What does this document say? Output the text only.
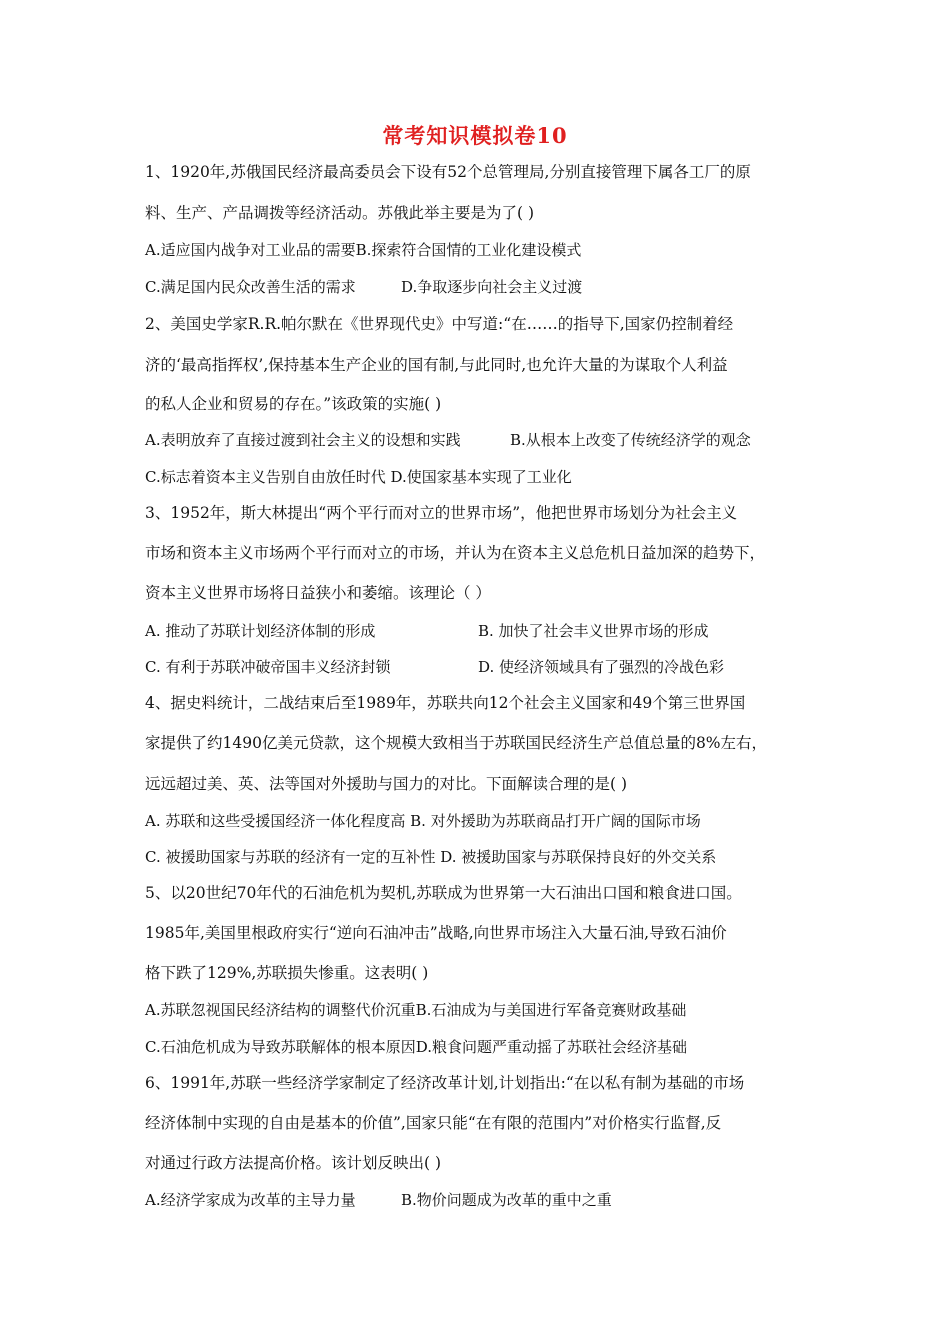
常考知识模拟卷10
1、1920年,苏俄国民经济最高委员会下设有52个总管理局,分别直接管理下属各工厂的原
料、生产、产品调拨等经济活动。苏俄此举主要是为了( )
A.适应国内战争对工业品的需要B.探索符合国情的工业化建设模式
C.满足国内民众改善生活的需求	D.争取逐步向社会主义过渡
2、美国史学家R.R.帕尔默在《世界现代史》中写道:“在……的指导下,国家仍控制着经
济的‘最高指挥权’,保持基本生产企业的国有制,与此同时,也允许大量的为谋取个人利益
的私人企业和贸易的存在。”该政策的实施( )
A.表明放弃了直接过渡到社会主义的设想和实践	B.从根本上改变了传统经济学的观念
C.标志着资本主义告别自由放任时代 D.使国家基本实现了工业化
3、1952年，斯大林提出“两个平行而对立的世界市场”，他把世界市场划分为社会主义
市场和资本主义市场两个平行而对立的市场，并认为在资本主义总危机日益加深的趋势下，
资本主义世界市场将日益狭小和萎缩。该理论（ ）
A. 推动了苏联计划经济体制的形成	B. 加快了社会丰义世界市场的形成
C. 有利于苏联冲破帝国丰义经济封锁	D. 使经济领域具有了强烈的冷战色彩
4、据史料统计，二战结束后至1989年，苏联共向12个社会主义国家和49个第三世界国
家提供了约1490亿美元贷款，这个规模大致相当于苏联国民经济生产总值总量的8%左右，
远远超过美、英、法等国对外援助与国力的对比。下面解读合理的是( )
A. 苏联和这些受援国经济一体化程度高 B. 对外援助为苏联商品打开广阔的国际市场
C. 被援助国家与苏联的经济有一定的互补性 D. 被援助国家与苏联保持良好的外交关系
5、以20世纪70年代的石油危机为契机,苏联成为世界第一大石油出口国和粮食进口国。
1985年,美国里根政府实行“逆向石油冲击”战略,向世界市场注入大量石油,导致石油价
格下跌了129%,苏联损失惨重。这表明( )
A.苏联忽视国民经济结构的调整代价沉重B.石油成为与美国进行军备竞赛财政基础
C.石油危机成为导致苏联解体的根本原因D.粮食问题严重动摇了苏联社会经济基础
6、1991年,苏联一些经济学家制定了经济改革计划,计划指出:“在以私有制为基础的市场
经济体制中实现的自由是基本的价值”,国家只能“在有限的范围内”对价格实行监督,反
对通过行政方法提高价格。该计划反映出( )
A.经济学家成为改革的主导力量	B.物价问题成为改革的重中之重
